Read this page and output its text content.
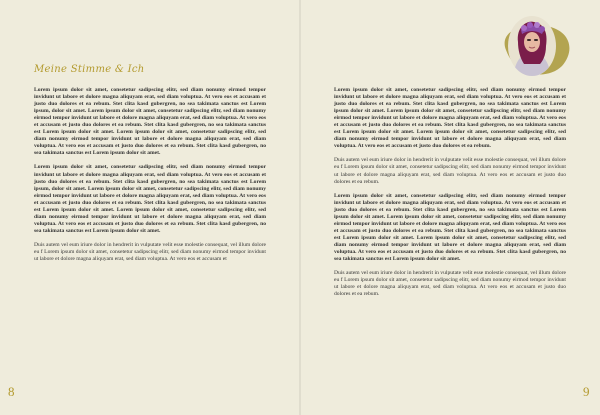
Meine Stimme & Ich

Lorem ipsum dolor sit amet, consetetur sadipscing elitr, sed diam nonumy eirmod tempor invidunt ut labore et dolore magna aliquyam erat, sed diam voluptua. At vero eos et accusam et justo duo dolores et ea rebum. Stet clita kasd gubergren, no sea takimata sanctus est Lorem ipsum, dolor sit amet. Lorem ipsum dolor sit amet, consetetur sadipscing elitr, sed diam nonumy eirmod tempor invidunt ut labore et dolore magna aliquyam erat, sed diam voluptua. At vero eos et accusam et justo duo dolores et ea rebum. Stet clita kasd gubergren, no sea takimata sanctus est Lorem ipsum dolor sit amet. Lorem ipsum dolor sit amet, consetetur sadipscing elitr, sed diam nonumy eirmod tempor invidunt ut labore et dolore magna aliquyam erat, sed diam voluptua. At vero eos et accusam et justo duo dolores et ea rebum. Stet clita kasd gubergren, no sea takimata sanctus est Lorem ipsum dolor sit amet.

Lorem ipsum dolor sit amet, consetetur sadipscing elitr, sed diam nonumy eirmod tempor invidunt ut labore et dolore magna aliquyam erat, sed diam voluptua. At vero eos et accusam et justo duo dolores et ea rebum. Stet clita kasd gubergren, no sea takimata sanctus est Lorem ipsum, dolor sit amet. Lorem ipsum dolor sit amet, consetetur sadipscing elitr, sed diam nonumy eirmod tempor invidunt ut labore et dolore magna aliquyam erat, sed diam voluptua. At vero eos et accusam et justo duo dolores et ea rebum. Stet clita kasd gubergren, no sea takimata sanctus est Lorem ipsum dolor sit amet. Lorem ipsum dolor sit amet, consetetur sadipscing elitr, sed diam nonumy eirmod tempor invidunt ut labore et dolore magna aliquyam erat, sed diam voluptua. At vero eos et accusam et justo duo dolores et ea rebum. Stet clita kasd gubergren, no sea takimata sanctus est Lorem ipsum dolor sit amet.

Duis autem vel eum iriure dolor in hendrerit in vulputate velit esse molestie consequat, vel illum dolore eu f Lorem ipsum dolor sit amet, consetetur sadipscing elitr, sed diam nonumy eirmod tempor invidunt ut labore et dolore magna aliquyam erat, sed diam voluptua. At vero eos et accusam et

8

Lorem ipsum dolor sit amet, consetetur sadipscing elitr, sed diam nonumy eirmod tempor invidunt ut labore et dolore magna aliquyam erat, sed diam voluptua. At vero eos et accusam et justo duo dolores et ea rebum. Stet clita kasd gubergren, no sea takimata sanctus est Lorem ipsum dolor sit amet. Lorem ipsum dolor sit amet, consetetur sadipscing elitr, sed diam nonumy eirmod tempor invidunt ut labore et dolore magna aliquyam erat, sed diam voluptua. At vero eos et accusam et justo duo dolores et ea rebum. Stet clita kasd gubergren, no sea takimata sanctus est Lorem ipsum dolor sit amet. Lorem ipsum dolor sit amet, consetetur sadipscing elitr, sed diam nonumy eirmod tempor invidunt ut labore et dolore magna aliquyam erat, sed diam voluptua. At vero eos et accusam et justo duo dolores et ea rebum.

Duis autem vel eum iriure dolor in hendrerit in vulputate velit esse molestie consequat, vel illum dolore eu f Lorem ipsum dolor sit amet, consetetur sadipscing elitr, sed diam nonumy eirmod tempor invidunt ut labore et dolore magna aliquyam erat, sed diam voluptua. At vero eos et accusam et justo duo dolores et ea rebum.

Lorem ipsum dolor sit amet, consetetur sadipscing elitr, sed diam nonumy eirmod tempor invidunt ut labore et dolore magna aliquyam erat, sed diam voluptua. At vero eos et accusam et justo duo dolores et ea rebum. Stet clita kasd gubergren, no sea takimata sanctus est Lorem ipsum dolor sit amet. Lorem ipsum dolor sit amet, consetetur sadipscing elitr, sed diam nonumy eirmod tempor invidunt ut labore et dolore magna aliquyam erat, sed diam voluptua. At vero eos et accusam et justo duo dolores et ea rebum. Stet clita kasd gubergren, no sea takimata sanctus est Lorem ipsum dolor sit amet. Lorem ipsum dolor sit amet, consetetur sadipscing elitr, sed diam nonumy eirmod tempor invidunt ut labore et dolore magna aliquyam erat, sed diam voluptua. At vero eos et accusam et justo duo dolores et ea rebum. Stet clita kasd gubergren, no sea takimata sanctus est Lorem ipsum dolor sit amet.

Duis autem vel eum iriure dolor in hendrerit in vulputate velit esse molestie consequat, vel illum dolore eu f Lorem ipsum dolor sit amet, consetetur sadipscing elitr, sed diam nonumy eirmod tempor invidunt ut labore et dolore magna aliquyam erat, sed diam voluptua. At vero eos et accusam et justo duo dolores et ea rebum.

9
